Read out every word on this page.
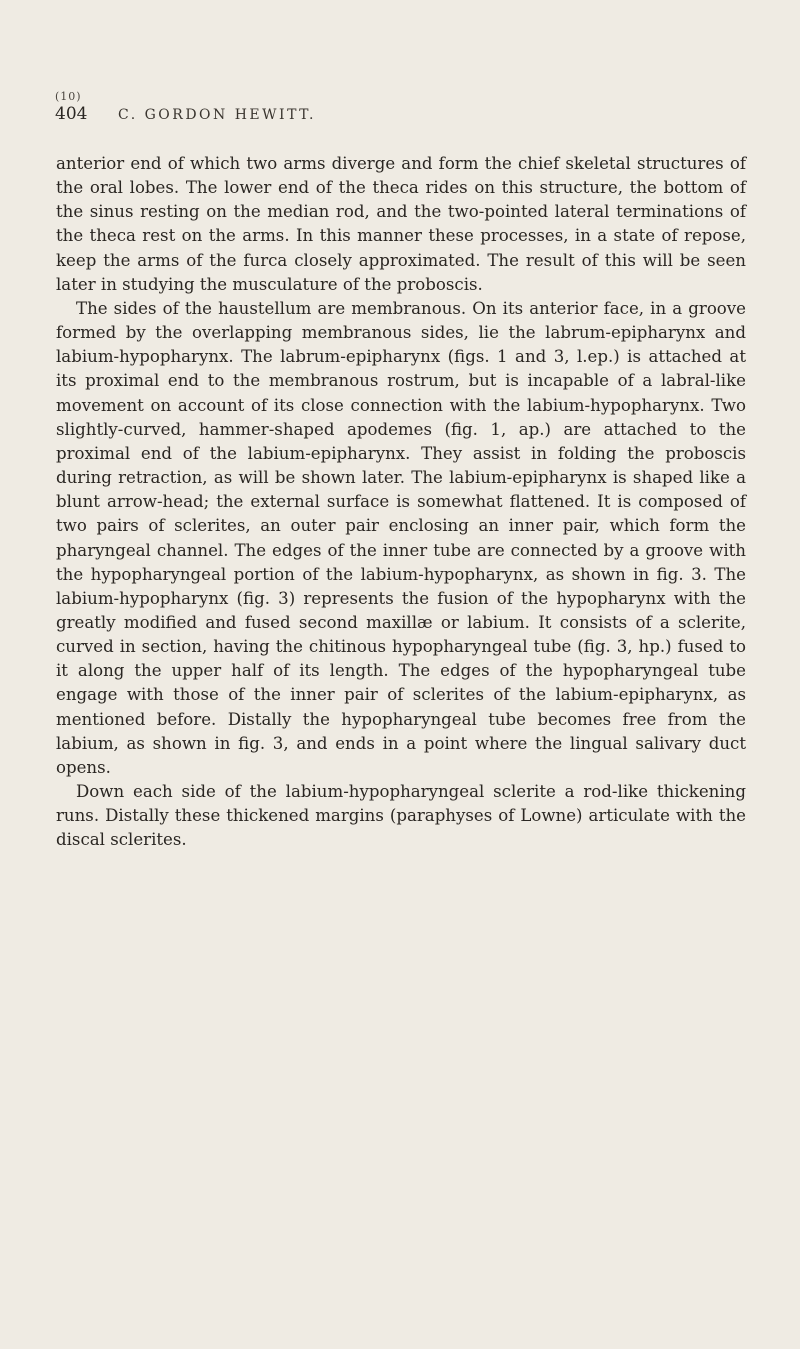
(10)
404 C. GORDON HEWITT.

anterior end of which two arms diverge and form the chief skeletal structures of the oral lobes. The lower end of the theca rides on this structure, the bottom of the sinus resting on the median rod, and the two-pointed lateral terminations of the theca rest on the arms. In this manner these processes, in a state of repose, keep the arms of the furca closely approximated. The result of this will be seen later in studying the musculature of the proboscis.

The sides of the haustellum are membranous. On its anterior face, in a groove formed by the overlapping membranous sides, lie the labrum-epipharynx and labium-hypopharynx. The labrum-epipharynx (figs. 1 and 3, l.ep.) is attached at its proximal end to the membranous rostrum, but is incapable of a labral-like movement on account of its close connection with the labium-hypopharynx. Two slightly-curved, hammer-shaped apodemes (fig. 1, ap.) are attached to the proximal end of the labium-epipharynx. They assist in folding the proboscis during retraction, as will be shown later. The labium-epipharynx is shaped like a blunt arrow-head; the external surface is somewhat flattened. It is composed of two pairs of sclerites, an outer pair enclosing an inner pair, which form the pharyngeal channel. The edges of the inner tube are connected by a groove with the hypopharyngeal portion of the labium-hypopharynx, as shown in fig. 3. The labium-hypopharynx (fig. 3) represents the fusion of the hypopharynx with the greatly modified and fused second maxillæ or labium. It consists of a sclerite, curved in section, having the chitinous hypopharyngeal tube (fig. 3, hp.) fused to it along the upper half of its length. The edges of the hypopharyngeal tube engage with those of the inner pair of sclerites of the labium-epipharynx, as mentioned before. Distally the hypopharyngeal tube becomes free from the labium, as shown in fig. 3, and ends in a point where the lingual salivary duct opens.

Down each side of the labium-hypopharyngeal sclerite a rod-like thickening runs. Distally these thickened margins (paraphyses of Lowne) articulate with the discal sclerites.
